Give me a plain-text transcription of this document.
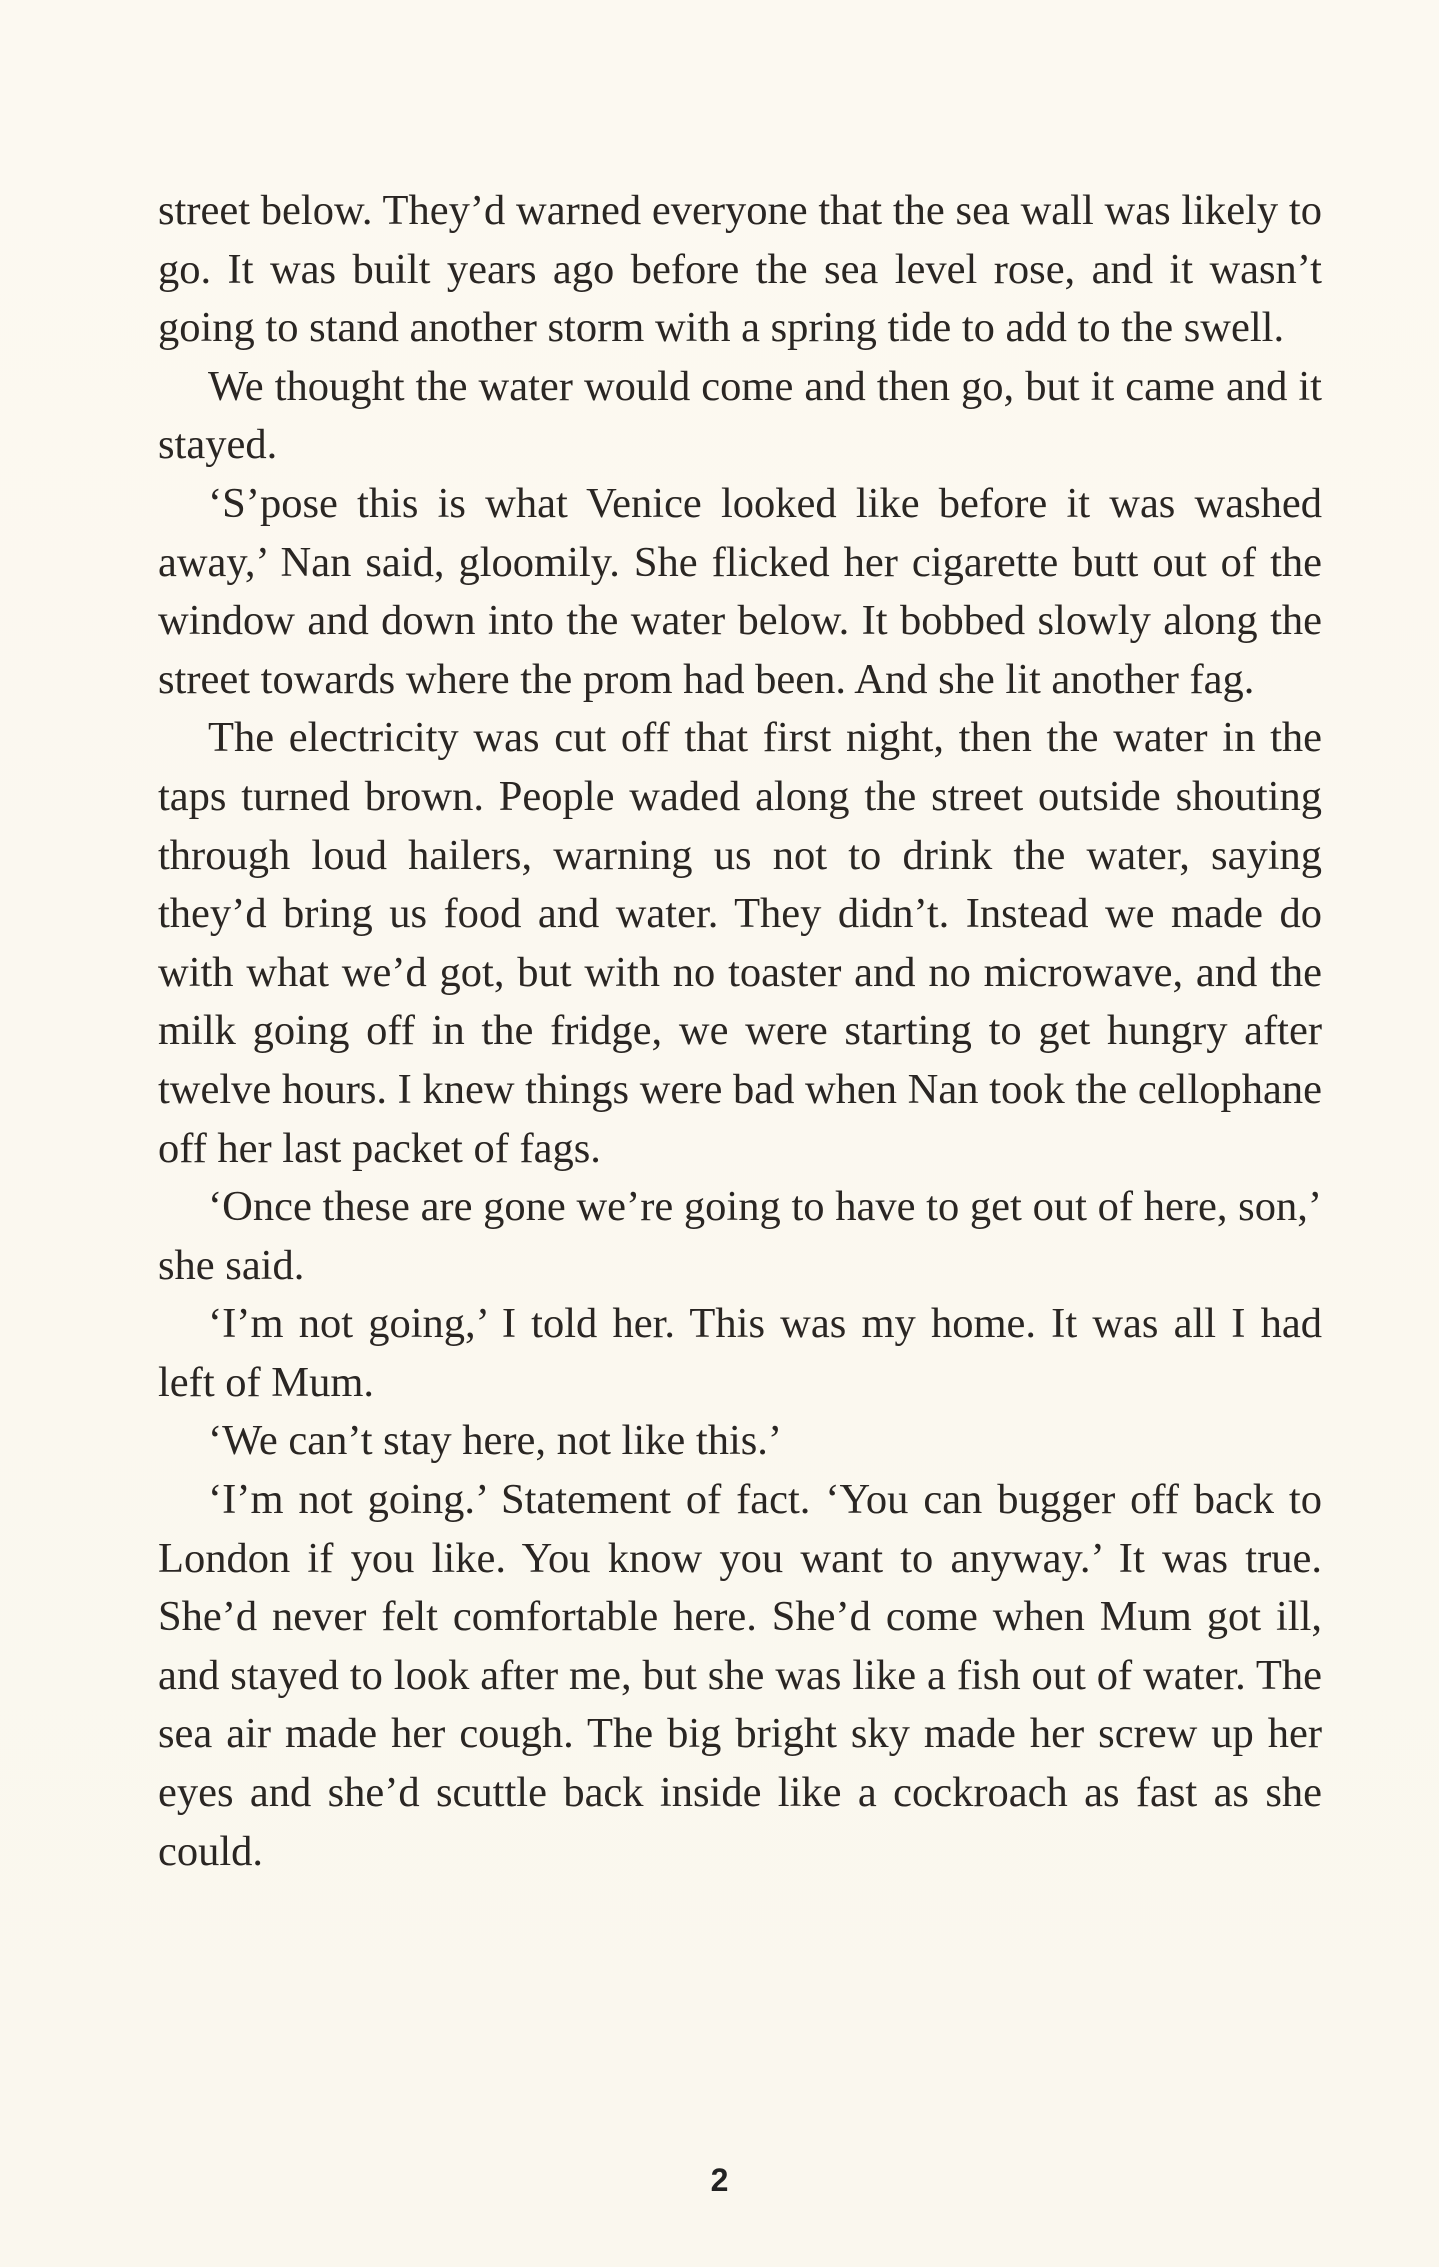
street below. They’d warned everyone that the sea wall was likely to go. It was built years ago before the sea level rose, and it wasn’t going to stand another storm with a spring tide to add to the swell.

We thought the water would come and then go, but it came and it stayed.

‘S’pose this is what Venice looked like before it was washed away,’ Nan said, gloomily. She flicked her cigarette butt out of the window and down into the water below. It bobbed slowly along the street towards where the prom had been. And she lit another fag.

The electricity was cut off that first night, then the water in the taps turned brown. People waded along the street outside shouting through loud hailers, warning us not to drink the water, saying they’d bring us food and water. They didn’t. Instead we made do with what we’d got, but with no toaster and no microwave, and the milk going off in the fridge, we were starting to get hungry after twelve hours. I knew things were bad when Nan took the cellophane off her last packet of fags.

‘Once these are gone we’re going to have to get out of here, son,’ she said.

‘I’m not going,’ I told her. This was my home. It was all I had left of Mum.

‘We can’t stay here, not like this.’

‘I’m not going.’ Statement of fact. ‘You can bugger off back to London if you like. You know you want to anyway.’ It was true. She’d never felt comfortable here. She’d come when Mum got ill, and stayed to look after me, but she was like a fish out of water. The sea air made her cough. The big bright sky made her screw up her eyes and she’d scuttle back inside like a cockroach as fast as she could.

2
